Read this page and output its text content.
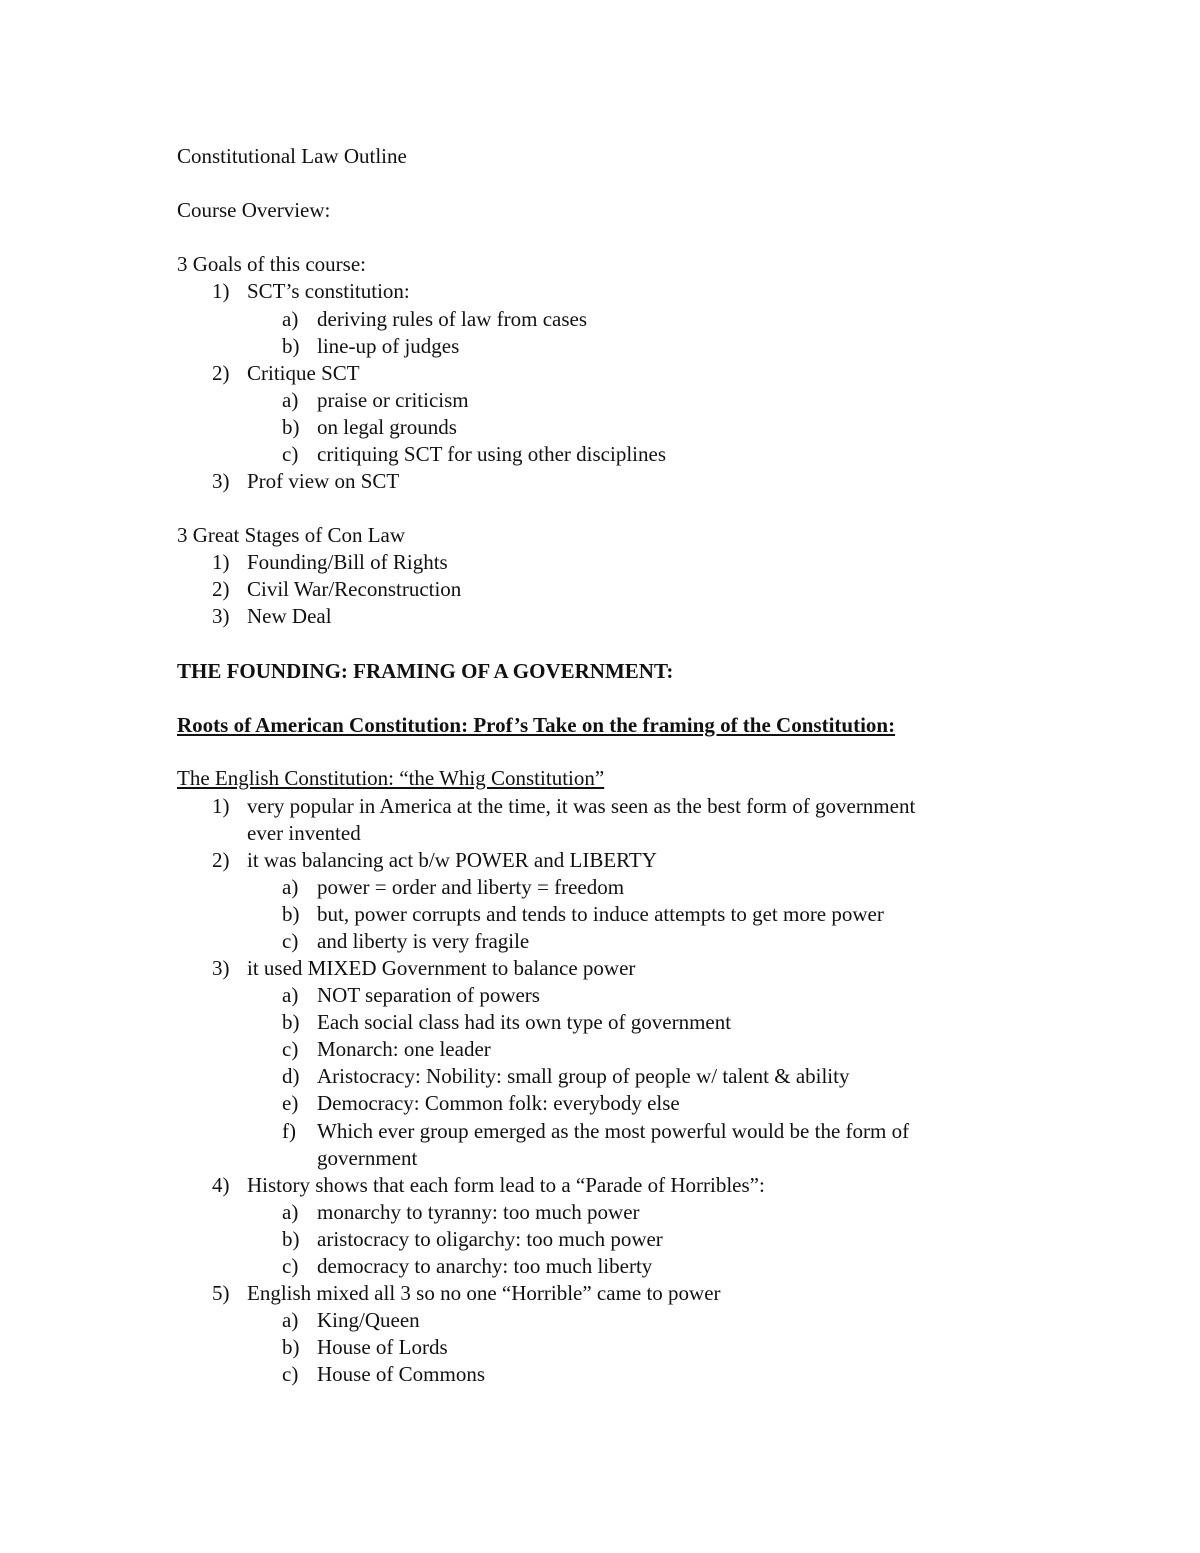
Constitutional Law Outline
Course Overview:
3 Goals of this course:
1) SCT’s constitution:
a) deriving rules of law from cases
b) line-up of judges
2) Critique SCT
a) praise or criticism
b) on legal grounds
c) critiquing SCT for using other disciplines
3) Prof view on SCT
3 Great Stages of Con Law
1) Founding/Bill of Rights
2) Civil War/Reconstruction
3) New Deal
THE FOUNDING: FRAMING OF A GOVERNMENT:
Roots of American Constitution: Prof’s Take on the framing of the Constitution:
The English Constitution: “the Whig Constitution”
1) very popular in America at the time, it was seen as the best form of government
ever invented
2) it was balancing act b/w POWER and LIBERTY
a) power = order and liberty = freedom
b) but, power corrupts and tends to induce attempts to get more power
c) and liberty is very fragile
3) it used MIXED Government to balance power
a) NOT separation of powers
b) Each social class had its own type of government
c) Monarch: one leader
d) Aristocracy: Nobility: small group of people w/ talent & ability
e) Democracy: Common folk: everybody else
f) Which ever group emerged as the most powerful would be the form of
government
4) History shows that each form lead to a “Parade of Horribles”:
a) monarchy to tyranny: too much power
b) aristocracy to oligarchy: too much power
c) democracy to anarchy: too much liberty
5) English mixed all 3 so no one “Horrible” came to power
a) King/Queen
b) House of Lords
c) House of Commons
